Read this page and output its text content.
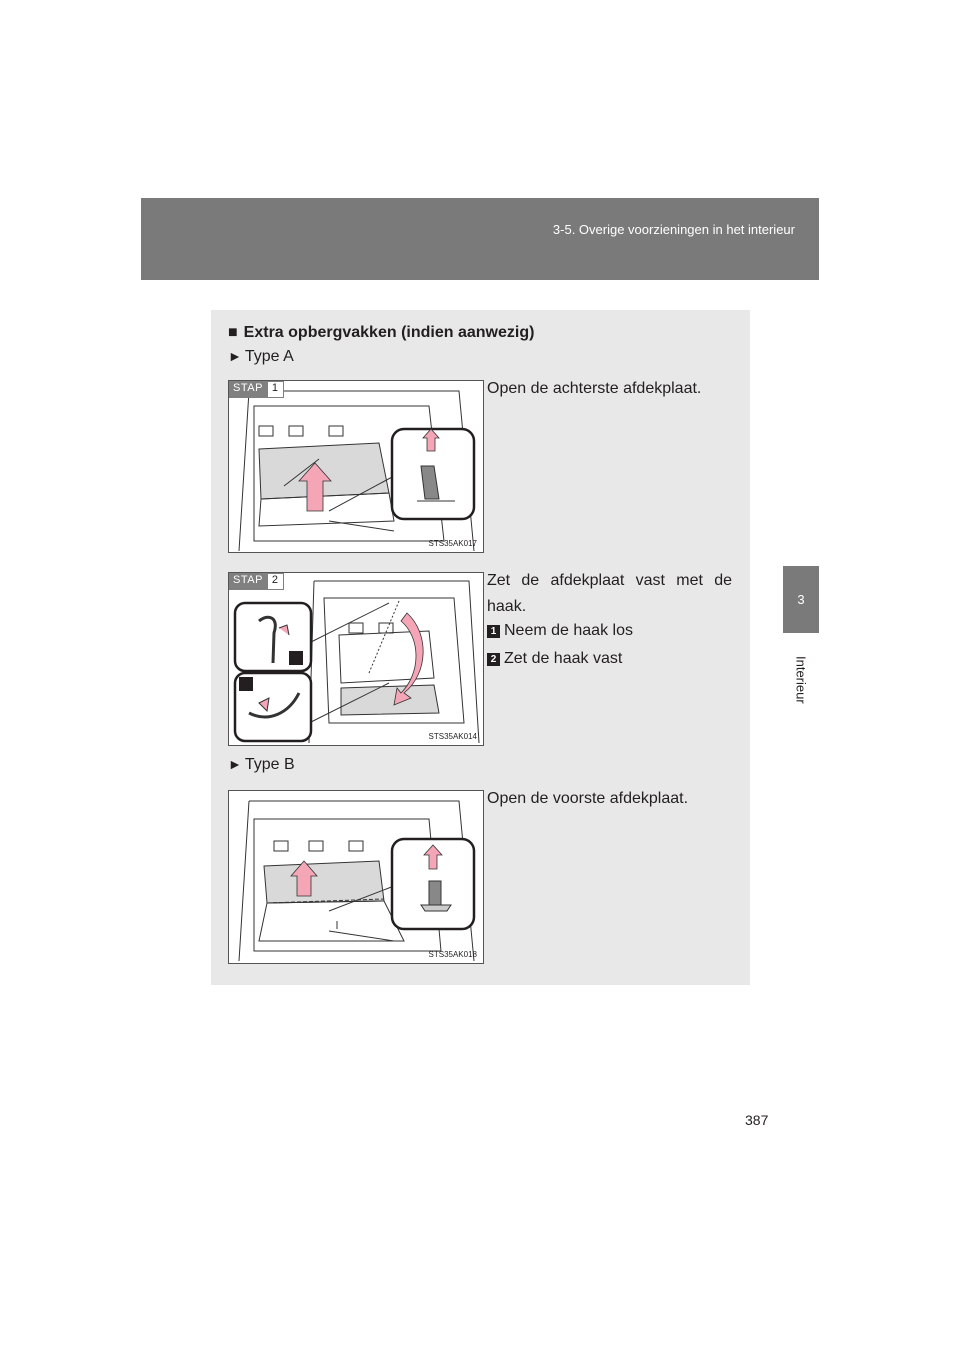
3-5. Overige voorzieningen in het interieur
3
Interieur
■ Extra opbergvakken (indien aanwezig)
► Type A
STAP 1
STS35AK017
Open de achterste afdekplaat.
STAP 2
STS35AK014
Zet de afdekplaat vast met de haak.
1 Neem de haak los
2 Zet de haak vast
► Type B
STS35AK018
Open de voorste afdekplaat.
387
